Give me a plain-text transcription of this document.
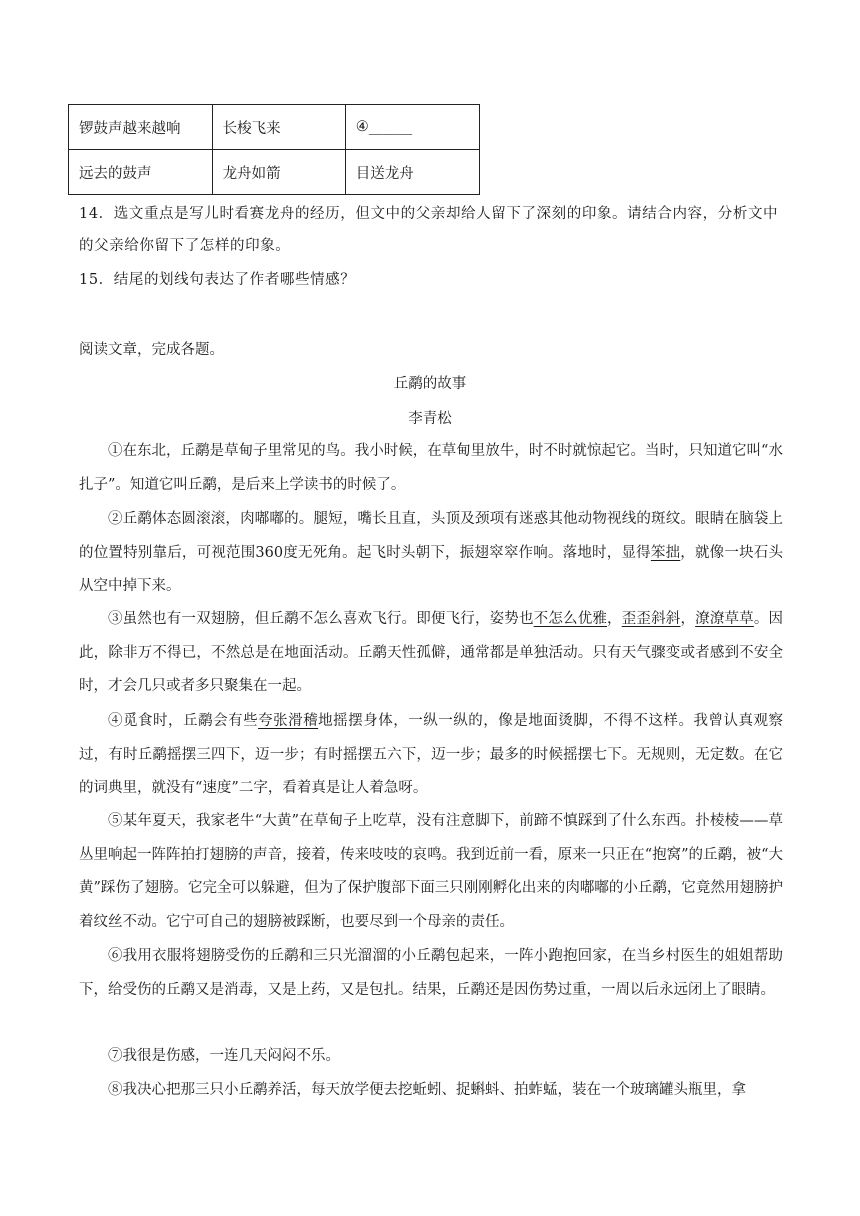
锣鼓声越来越响	长梭飞来	④______
远去的鼓声	龙舟如箭	目送龙舟
14．选文重点是写儿时看赛龙舟的经历，但文中的父亲却给人留下了深刻的印象。请结合内容，分析文中
的父亲给你留下了怎样的印象。
15．结尾的划线句表达了作者哪些情感？
阅读文章，完成各题。
丘鹬的故事
李青松

①在东北，丘鹬是草甸子里常见的鸟。我小时候，在草甸里放牛，时不时就惊起它。当时，只知道它叫“水扎子”。知道它叫丘鹬，是后来上学读书的时候了。

②丘鹬体态圆滚滚，肉嘟嘟的。腿短，嘴长且直，头顶及颈项有迷惑其他动物视线的斑纹。眼睛在脑袋上的位置特别靠后，可视范围360度无死角。起飞时头朝下，振翅窣窣作响。落地时，显得笨拙，就像一块石头从空中掉下来。

③虽然也有一双翅膀，但丘鹬不怎么喜欢飞行。即便飞行，姿势也不怎么优雅，歪歪斜斜，潦潦草草。因此，除非万不得已，不然总是在地面活动。丘鹬天性孤僻，通常都是单独活动。只有天气骤变或者感到不安全时，才会几只或者多只聚集在一起。

④觅食时，丘鹬会有些夸张滑稽地摇摆身体，一纵一纵的，像是地面烫脚，不得不这样。我曾认真观察过，有时丘鹬摇摆三四下，迈一步；有时摇摆五六下，迈一步；最多的时候摇摆七下。无规则，无定数。在它的词典里，就没有“速度”二字，看着真是让人着急呀。

⑤某年夏天，我家老牛“大黄”在草甸子上吃草，没有注意脚下，前蹄不慎踩到了什么东西。扑棱棱——草丛里响起一阵阵拍打翅膀的声音，接着，传来吱吱的哀鸣。我到近前一看，原来一只正在“抱窝”的丘鹬，被“大黄”踩伤了翅膀。它完全可以躲避，但为了保护腹部下面三只刚刚孵化出来的肉嘟嘟的小丘鹬，它竟然用翅膀护着纹丝不动。它宁可自己的翅膀被踩断，也要尽到一个母亲的责任。

⑥我用衣服将翅膀受伤的丘鹬和三只光溜溜的小丘鹬包起来，一阵小跑抱回家，在当乡村医生的姐姐帮助下，给受伤的丘鹬又是消毒，又是上药，又是包扎。结果，丘鹬还是因伤势过重，一周以后永远闭上了眼睛。

⑦我很是伤感，一连几天闷闷不乐。

⑧我决心把那三只小丘鹬养活，每天放学便去挖蚯蚓、捉蝌蚪、拍蚱蜢，装在一个玻璃罐头瓶里，拿
